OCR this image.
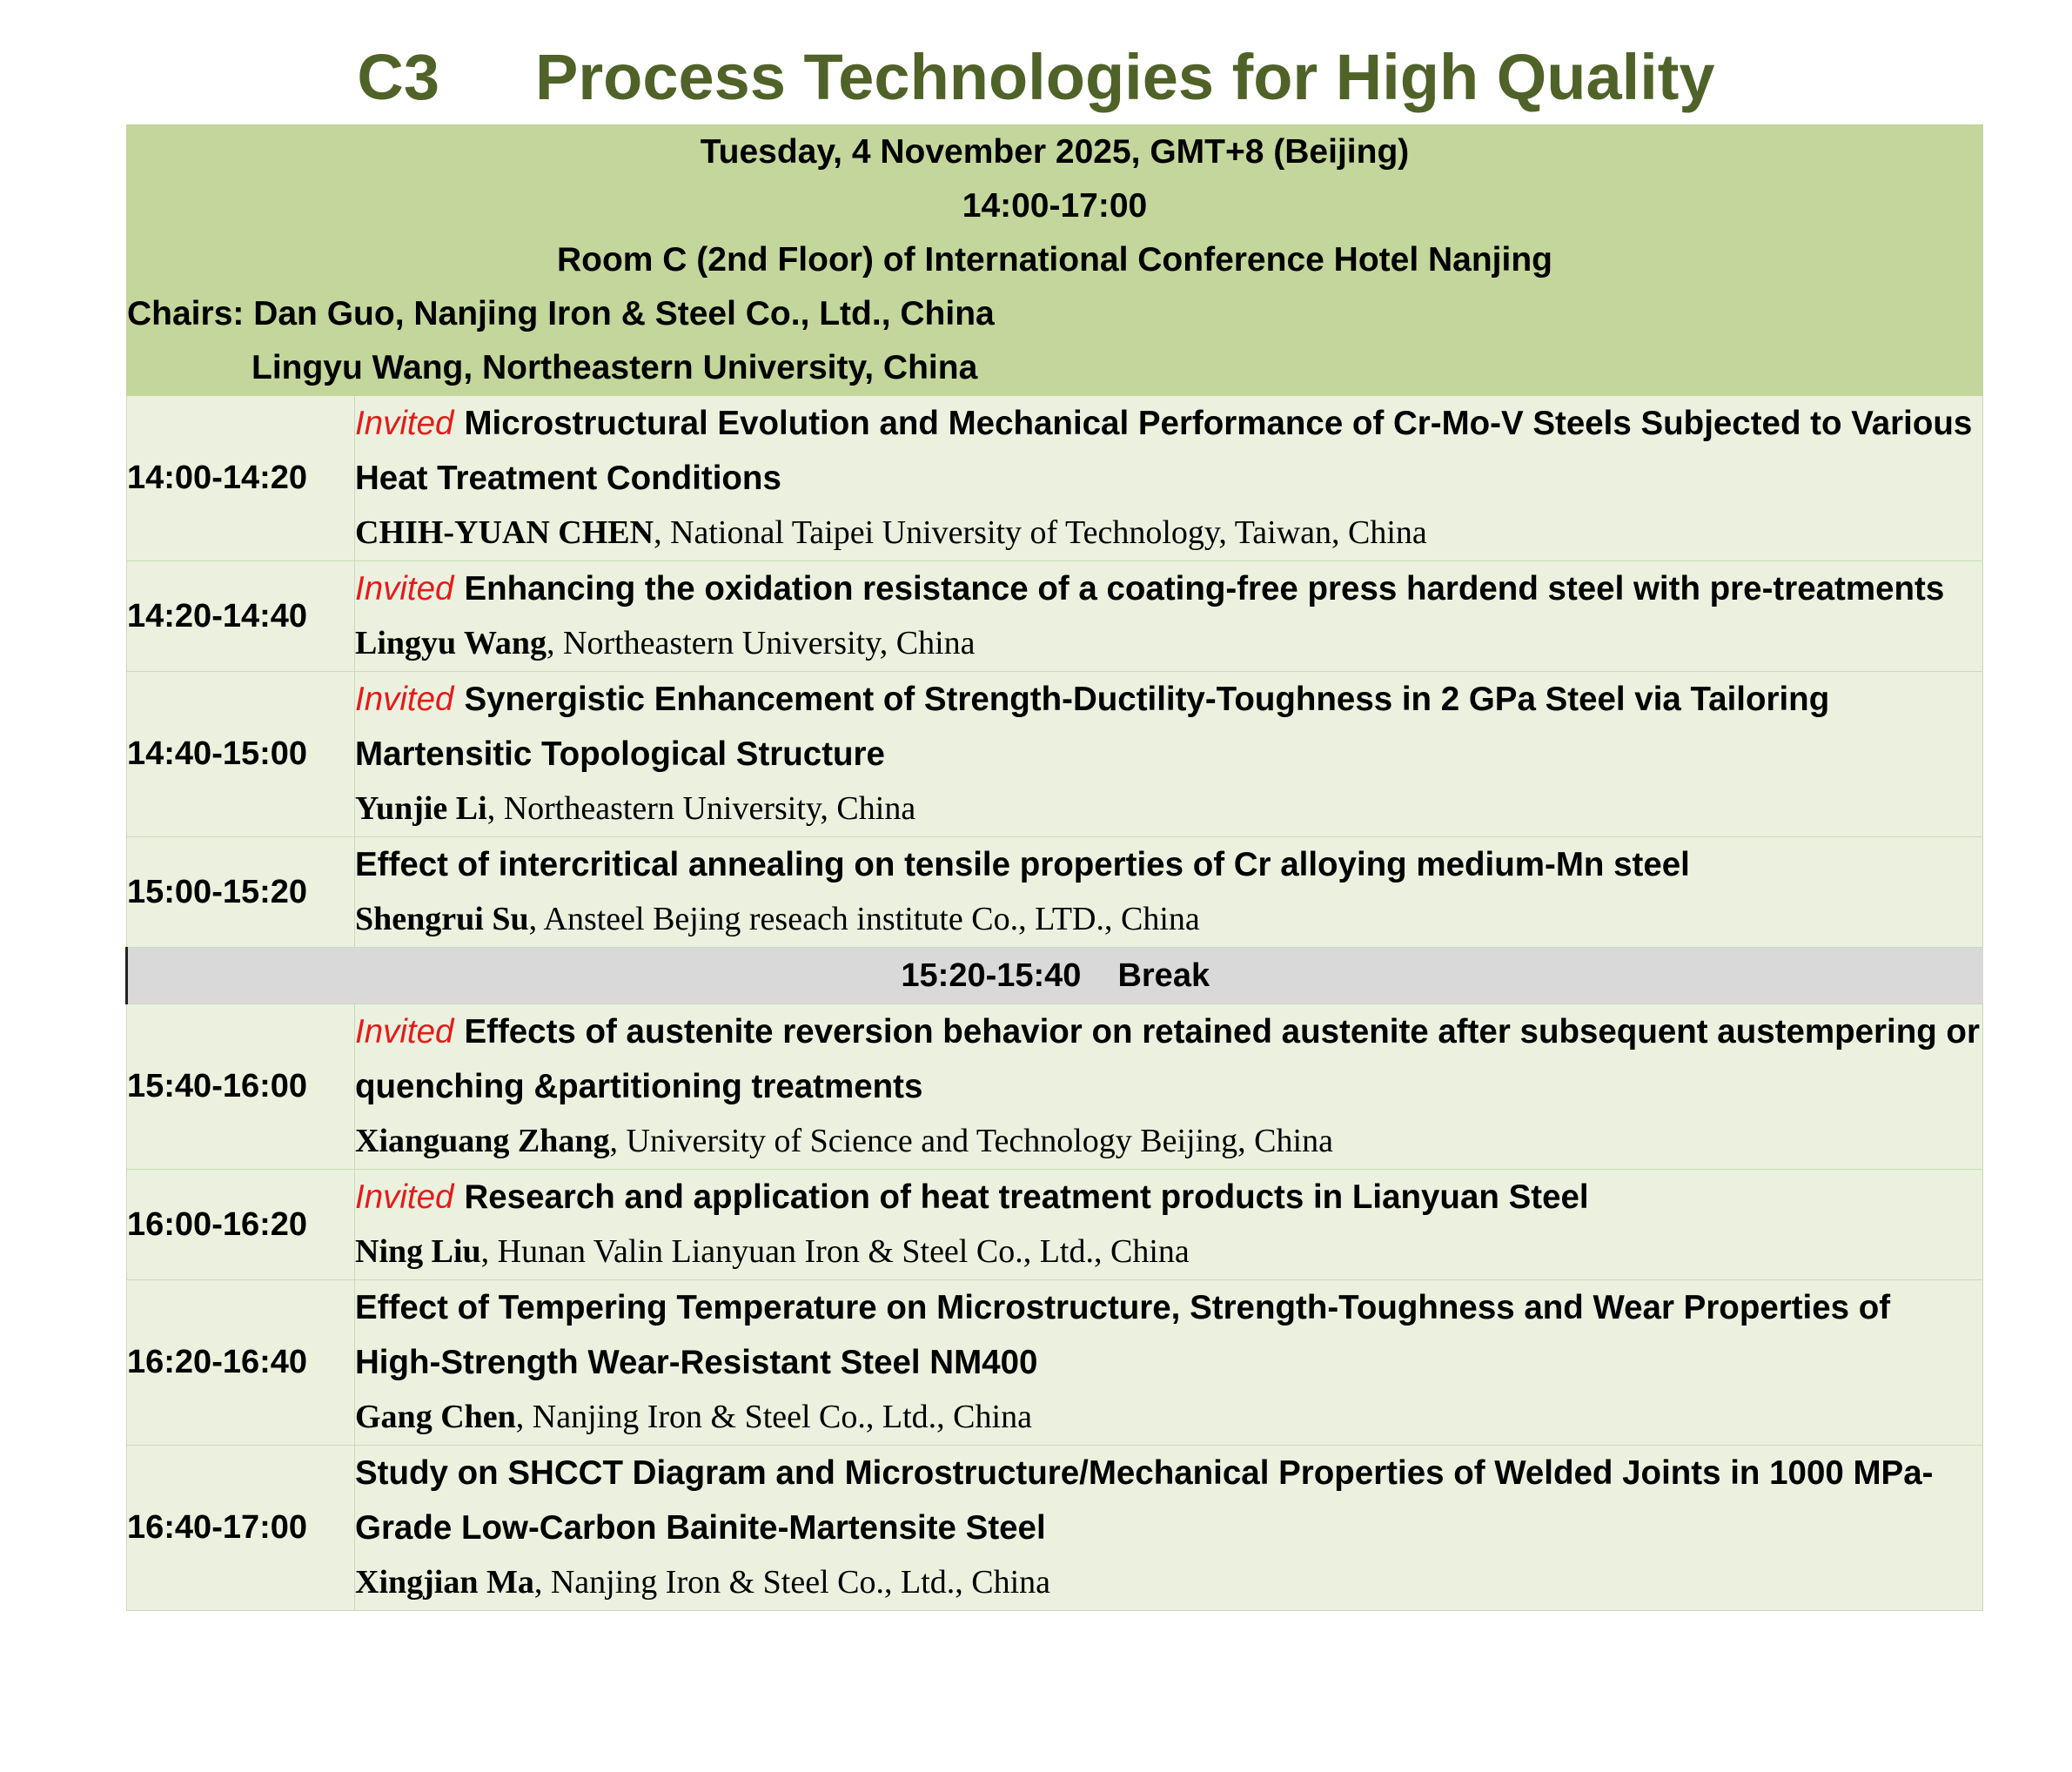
C3 Process Technologies for High Quality
Tuesday, 4 November 2025, GMT+8 (Beijing)
14:00-17:00
Room C (2nd Floor) of International Conference Hotel Nanjing
Chairs: Dan Guo, Nanjing Iron & Steel Co., Ltd., China
Lingyu Wang, Northeastern University, China	

14:00-14:20	Invited Microstructural Evolution and Mechanical Performance of Cr-Mo-V Steels Subjected to Various Heat Treatment Conditions
CHIH-YUAN CHEN, National Taipei University of Technology, Taiwan, China

14:20-14:40	Invited Enhancing the oxidation resistance of a coating-free press hardend steel with pre-treatments
Lingyu Wang, Northeastern University, China

14:40-15:00	Invited Synergistic Enhancement of Strength-Ductility-Toughness in 2 GPa Steel via Tailoring Martensitic Topological Structure
Yunjie Li, Northeastern University, China

15:00-15:20	Effect of intercritical annealing on tensile properties of Cr alloying medium-Mn steel
Shengrui Su, Ansteel Bejing reseach institute Co., LTD., China

15:20-15:40 Break	
15:40-16:00	Invited Effects of austenite reversion behavior on retained austenite after subsequent austempering or quenching &partitioning treatments
Xianguang Zhang, University of Science and Technology Beijing, China

16:00-16:20	Invited Research and application of heat treatment products in Lianyuan Steel
Ning Liu, Hunan Valin Lianyuan Iron & Steel Co., Ltd., China

16:20-16:40	Effect of Tempering Temperature on Microstructure, Strength-Toughness and Wear Properties of High-Strength Wear-Resistant Steel NM400
Gang Chen, Nanjing Iron & Steel Co., Ltd., China

16:40-17:00	Study on SHCCT Diagram and Microstructure/Mechanical Properties of Welded Joints in 1000 MPa-Grade Low-Carbon Bainite-Martensite Steel
Xingjian Ma, Nanjing Iron & Steel Co., Ltd., China
